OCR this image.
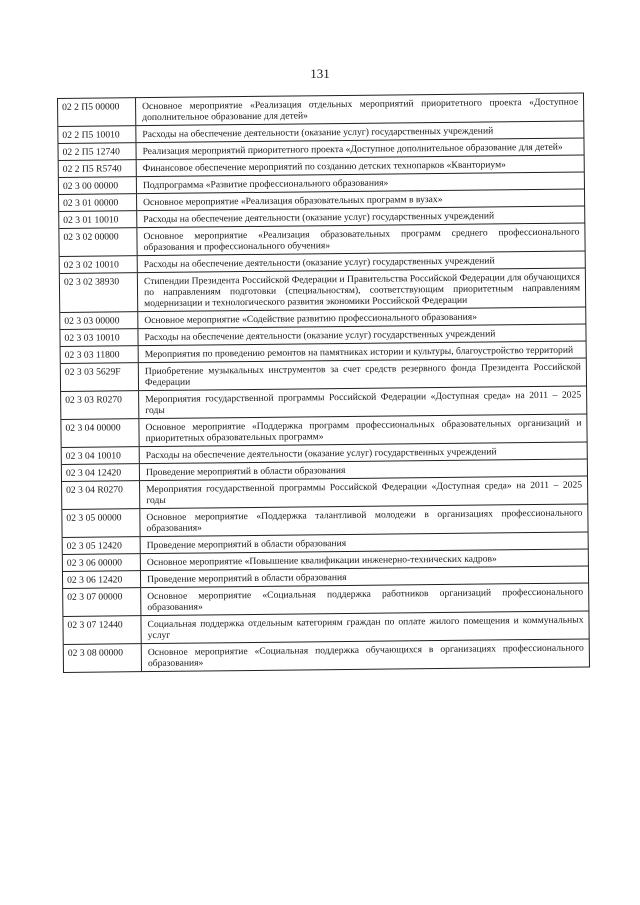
131
02 2 П5 00000	Основное мероприятие «Реализация отдельных мероприятий приоритетного проекта «Доступное дополнительное образование для детей»
02 2 П5 10010	Расходы на обеспечение деятельности (оказание услуг) государственных учреждений
02 2 П5 12740	Реализация мероприятий приоритетного проекта «Доступное дополнительное образование для детей»
02 2 П5 R5740	Финансовое обеспечение мероприятий по созданию детских технопарков «Кванториум»
02 3 00 00000	Подпрограмма «Развитие профессионального образования»
02 3 01 00000	Основное мероприятие «Реализация образовательных программ в вузах»
02 3 01 10010	Расходы на обеспечение деятельности (оказание услуг) государственных учреждений
02 3 02 00000	Основное мероприятие «Реализация образовательных программ среднего профессионального образования и профессионального обучения»
02 3 02 10010	Расходы на обеспечение деятельности (оказание услуг) государственных учреждений
02 3 02 38930	Стипендии Президента Российской Федерации и Правительства Российской Федерации для обучающихся по направлениям подготовки (специальностям), соответствующим приоритетным направлениям модернизации и технологического развития экономики Российской Федерации
02 3 03 00000	Основное мероприятие «Содействие развитию профессионального образования»
02 3 03 10010	Расходы на обеспечение деятельности (оказание услуг) государственных учреждений
02 3 03 11800	Мероприятия по проведению ремонтов на памятниках истории и культуры, благоустройство территорий
02 3 03 5629F	Приобретение музыкальных инструментов за счет средств резервного фонда Президента Российской Федерации
02 3 03 R0270	Мероприятия государственной программы Российской Федерации «Доступная среда» на 2011 – 2025 годы
02 3 04 00000	Основное мероприятие «Поддержка программ профессиональных образовательных организаций и приоритетных образовательных программ»
02 3 04 10010	Расходы на обеспечение деятельности (оказание услуг) государственных учреждений
02 3 04 12420	Проведение мероприятий в области образования
02 3 04 R0270	Мероприятия государственной программы Российской Федерации «Доступная среда» на 2011 – 2025 годы
02 3 05 00000	Основное мероприятие «Поддержка талантливой молодежи в организациях профессионального образования»
02 3 05 12420	Проведение мероприятий в области образования
02 3 06 00000	Основное мероприятие «Повышение квалификации инженерно-технических кадров»
02 3 06 12420	Проведение мероприятий в области образования
02 3 07 00000	Основное мероприятие «Социальная поддержка работников организаций профессионального образования»
02 3 07 12440	Социальная поддержка отдельным категориям граждан по оплате жилого помещения и коммунальных услуг
02 3 08 00000	Основное мероприятие «Социальная поддержка обучающихся в организациях профессионального образования»
